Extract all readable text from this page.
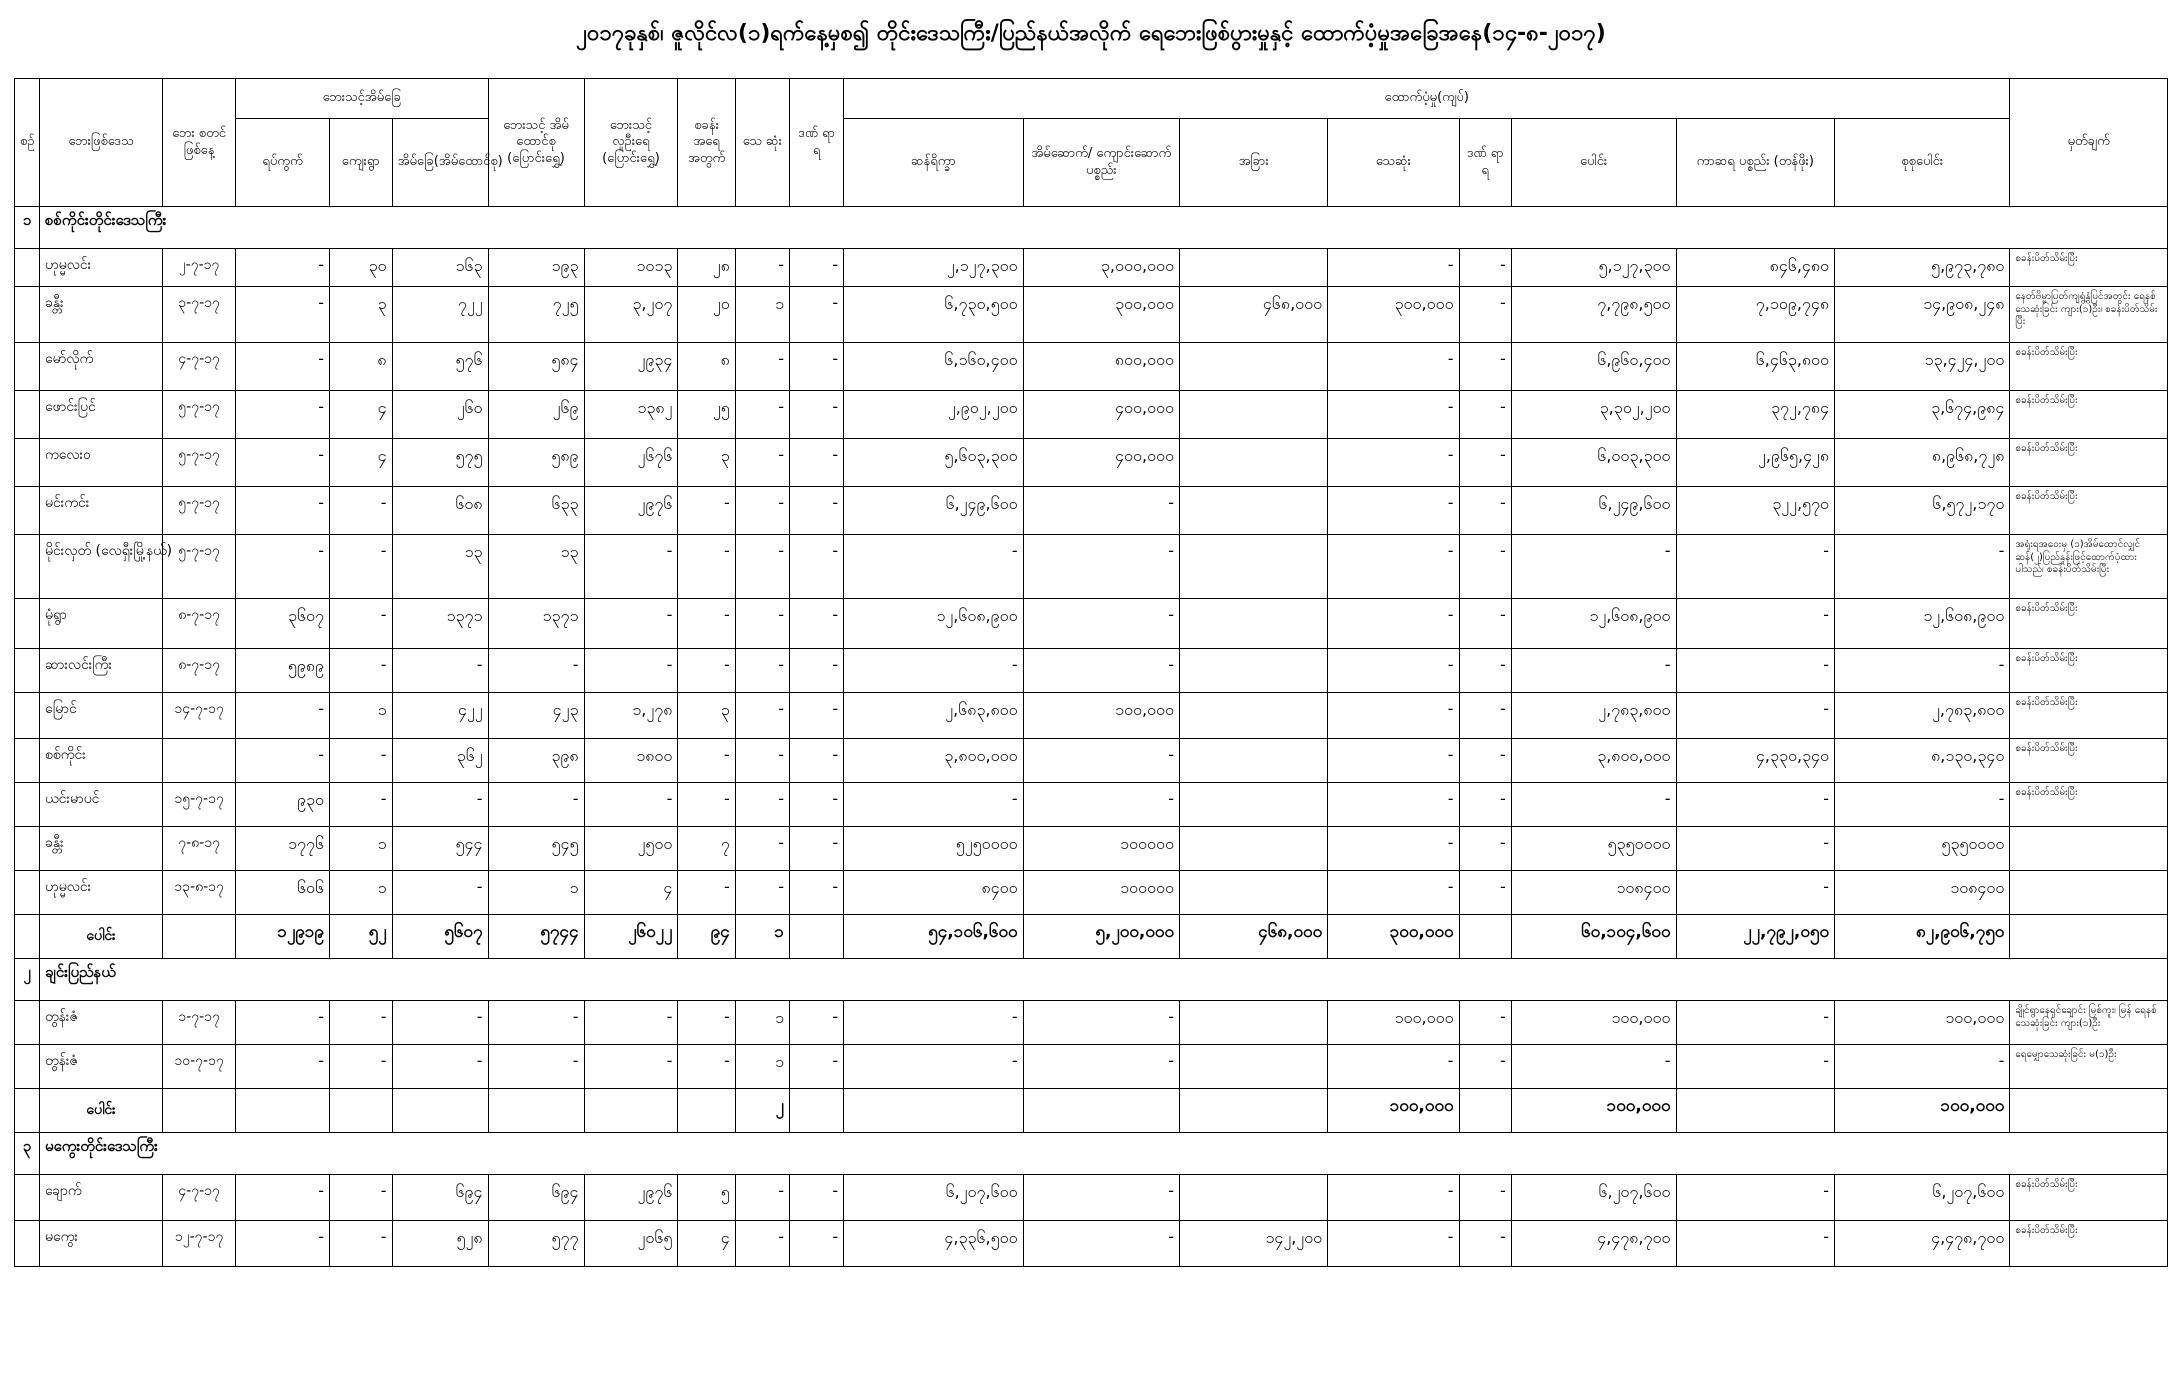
၂၀၁၇ခုနှစ်၊ ဇူလိုင်လ(၁)ရက်နေ့မှစ၍ တိုင်းဒေသကြီး/ပြည်နယ်အလိုက် ရေဘေးဖြစ်ပွားမှုနှင့် ထောက်ပံ့မှုအခြေအနေ(၁၄-၈-၂၀၁၇)
စဉ်	ဘေးဖြစ်ဒေသ	ဘေး စတင် ဖြစ်နေ့	ဘေးသင့်အိမ်ခြေ			ဘေးသင့် အိမ် ထောင်စု (ပြောင်းရွှေ့)	ဘေးသင့် လူဦးရေ (ပြောင်းရွှေ့)	စခန်း အရေ အတွက်	သေ ဆုံး	ဒဏ် ရာ ရ	ထောက်ပံ့မှု(ကျပ်)								မှတ်ချက်
			ရပ်ကွက်	ကျေးရွာ	အိမ်ခြေ(အိမ်ထောင်စု)						ဆန်ရိက္ခာ	အိမ်ဆောက်/ ကျောင်းဆောက် ပစ္စည်း	အခြား	သေဆုံး	ဒဏ် ရာ ရ	ပေါင်း	ကာဆရ ပစ္စည်း (တန်ဖိုး)	စုစုပေါင်း	
၁	စစ်ကိုင်းတိုင်းဒေသကြီး																		
	ဟုမ္မလင်း	၂-၇-၁၇	-	၃၀	၁၆၃	၁၉၃	၁၀၁၃	၂၈	-	-	၂,၁၂၇,၃၀၀	၃,၀၀၀,၀၀၀		-	-	၅,၁၂၇,၃၀၀	၈၄၆,၄၈၀	၅,၉၇၃,၇၈၀	စခန်းပိတ်သိမ်းပြီး
	ခန္တီး	၃-၇-၁၇	-	၃	၇၂၂	၇၂၅	၃,၂၀၇	၂၀	၁	-	၆,၇၃၀,၅၀၀	၃၀၀,၀၀၀	၄၆၈,၀၀၀	၃၀၀,၀၀၀	-	၇,၇၉၈,၅၀၀	၇,၁၀၉,၇၄၈	၁၄,၉၀၈,၂၄၈	နေတ်ဗိမ္မာပြတ်ကျရွံ့နွံပြင်အတွင်း ရေနစ်သေဆုံးခြင်း ကျား(၁)ဦး၊ စခန်းပိတ်သိမ်းပြီး
	မော်လိုက်	၄-၇-၁၇	-	၈	၅၇၆	၅၈၄	၂၉၃၄	၈	-	-	၆,၁၆၀,၄၀၀	၈၀၀,၀၀၀		-	-	၆,၉၆၀,၄၀၀	၆,၄၆၃,၈၀၀	၁၃,၄၂၄,၂၀၀	စခန်းပိတ်သိမ်းပြီး
	ဖောင်းပြင်	၅-၇-၁၇	-	၄	၂၆၀	၂၆၉	၁၃၈၂	၂၅	-	-	၂,၉၀၂,၂၀၀	၄၀၀,၀၀၀		-	-	၃,၃၀၂,၂၀၀	၃၇၂,၇၈၄	၃,၆၇၄,၉၈၄	စခန်းပိတ်သိမ်းပြီး
	ကလေးဝ	၅-၇-၁၇	-	၄	၅၇၅	၅၈၉	၂၆၇၆	၃	-	-	၅,၆၀၃,၃၀၀	၄၀၀,၀၀၀		-	-	၆,၀၀၃,၃၀၀	၂,၉၆၅,၄၂၈	၈,၉၆၈,၇၂၈	စခန်းပိတ်သိမ်းပြီး
	မင်းကင်း	၅-၇-၁၇	-	-	၆၀၈	၆၃၃	၂၉၇၆	-	-	-	၆,၂၄၉,၆၀၀	-		-	-	၆,၂၄၉,၆၀၀	၃၂၂,၅၇၀	၆,၅၇၂,၁၇၀	စခန်းပိတ်သိမ်းပြီး
	မိုင်းလှတ် (လေရှီးမြို့နယ်)	၅-၇-၁၇	-	-	၁၃	၁၃	-	-	-	-	-	-		-	-	-	-	-	အရုံးရအဝေးမှ (၁)အိမ်ထောင်လျှင် ဆန်(၂)ပြည်နှုန်းဖြင့်ထောက်ပံ့ထားပါသည်၊ စခန်းပိတ်သိမ်းပြီး
	မုံရွာ	၈-၇-၁၇	၃၆၀၇	-	၁၃၇၁	၁၃၇၁	-	-	-	-	၁၂,၆၀၈,၉၀၀	-		-	-	၁၂,၆၀၈,၉၀၀	-	၁၂,၆၀၈,၉၀၀	စခန်းပိတ်သိမ်းပြီး
	ဆားလင်းကြီး	၈-၇-၁၇	၅၉၈၉	-	-	-	-	-	-	-	-	-		-	-	-	-	-	စခန်းပိတ်သိမ်းပြီး
	မြောင်	၁၄-၇-၁၇	-	၁	၄၂၂	၄၂၃	၁,၂၇၈	၃	-	-	၂,၆၈၃,၈၀၀	၁၀၀,၀၀၀		-	-	၂,၇၈၃,၈၀၀	-	၂,၇၈၃,၈၀၀	စခန်းပိတ်သိမ်းပြီး
	စစ်ကိုင်း		-	-	၃၆၂	၃၉၈	၁၈၀၀	-	-	-	၃,၈၀၀,၀၀၀	-		-	-	၃,၈၀၀,၀၀၀	၄,၃၃၀,၃၄၀	၈,၁၃၀,၃၄၀	စခန်းပိတ်သိမ်းပြီး
	ယင်းမာပင်	၁၅-၇-၁၇	၉၃၀	-	-	-	-	-	-	-	-	-		-	-	-	-	-	စခန်းပိတ်သိမ်းပြီး
	ခန္တီး	၇-၈-၁၇	၁၇၇၆	၁	၅၄၄	၅၄၅	၂၅၀၀	၇	-	-	၅၂၅၀၀၀၀	၁၀၀၀၀၀		-	-	၅၃၅၀၀၀၀	-	၅၃၅၀၀၀၀	
	ဟုမ္မလင်း	၁၃-၈-၁၇	၆၀၆	၁	-	၁	၄	-	-	-	၈၄၀၀	၁၀၀၀၀၀		-	-	၁၀၈၄၀၀	-	၁၀၈၄၀၀	
	ပေါင်း		၁၂၉၁၉	၅၂	၅၆၀၇	၅၇၄၄	၂၆၀၂၂	၉၄	၁		၅၄,၁၀၆,၆၀၀	၅,၂၀၀,၀၀၀	၄၆၈,၀၀၀	၃၀၀,၀၀၀		၆၀,၁၀၄,၆၀၀	၂၂,၇၉၂,၀၅၀	၈၂,၉၀၆,၇၅၀	
၂	ချင်းပြည်နယ်																		
	တွန်းဇံ	၁-၇-၁၇	-	-	-	-	-	-	၁	-	-	-		၁၀၀,၀၀၀	-	၁၀၀,၀၀၀	-	၁၀၀,၀၀၀	ချိုင်ရွာနေရှင်ချောင်း မြစ်ကူး၊ မြန် ရေနစ်သေဆုံးခြင်း ကျား(၁)ဦး
	တွန်းဇံ	၁၀-၇-၁၇	-	-	-	-	-	-	၁	-	-	-		-	-	-	-	-	ရေမျှောသေဆုံးခြင်း မ(၁)ဦး
	ပေါင်း								၂					၁၀၀,၀၀၀		၁၀၀,၀၀၀		၁၀၀,၀၀၀	
၃	မကွေးတိုင်းဒေသကြီး																		
	ချောက်	၄-၇-၁၇	-	-	၆၉၄	၆၉၄	၂၉၇၆	၅	-	-	၆,၂၀၇,၆၀၀	-		-	-	၆,၂၀၇,၆၀၀	-	၆,၂၀၇,၆၀၀	စခန်းပိတ်သိမ်းပြီး
	မကွေး	၁၂-၇-၁၇	-	-	၅၂၈	၅၇၇	၂၀၆၅	၄	-	-	၄,၃၃၆,၅၀၀	-	၁၄၂,၂၀၀	-	-	၄,၄၇၈,၇၀၀	-	၄,၄၇၈,၇၀၀	စခန်းပိတ်သိမ်းပြီး
